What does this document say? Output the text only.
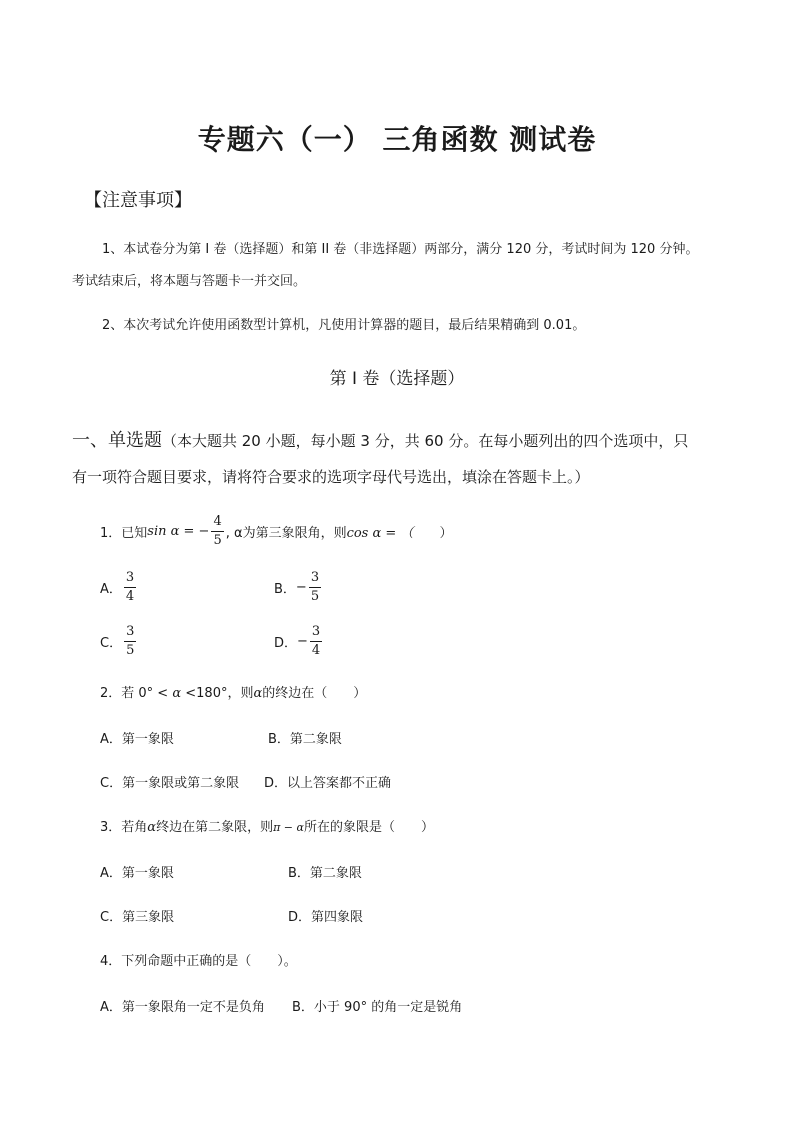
专题六（一） 三角函数 测试卷
【注意事项】
1、本试卷分为第 I 卷（选择题）和第 II 卷（非选择题）两部分，满分 120 分，考试时间为 120 分钟。
考试结束后，将本题与答题卡一并交回。
2、本次考试允许使用函数型计算机，凡使用计算器的题目，最后结果精确到 0.01。
第 I 卷（选择题）
一、单选题（本大题共 20 小题，每小题 3 分，共 60 分。在每小题列出的四个选项中，只
有一项符合题目要求，请将符合要求的选项字母代号选出，填涂在答题卡上。）
1．已知 sin α = − $\frac{4}{5}$ , α为第三象限角，则 cos α = （ 　　）
A． $\frac{3}{4}$	B． − $\frac{3}{5}$
C． $\frac{3}{5}$	D． − $\frac{3}{4}$
2．若 0° < α <180°，则α的终边在（　　）
A．第一象限	B．第二象限
C．第一象限或第二象限 D．以上答案都不正确
3．若角α终边在第二象限，则π − α所在的象限是（　　）
A．第一象限	B．第二象限
C．第三象限	D．第四象限
4．下列命题中正确的是（　　）。
A．第一象限角一定不是负角 B．小于 90° 的角一定是锐角
